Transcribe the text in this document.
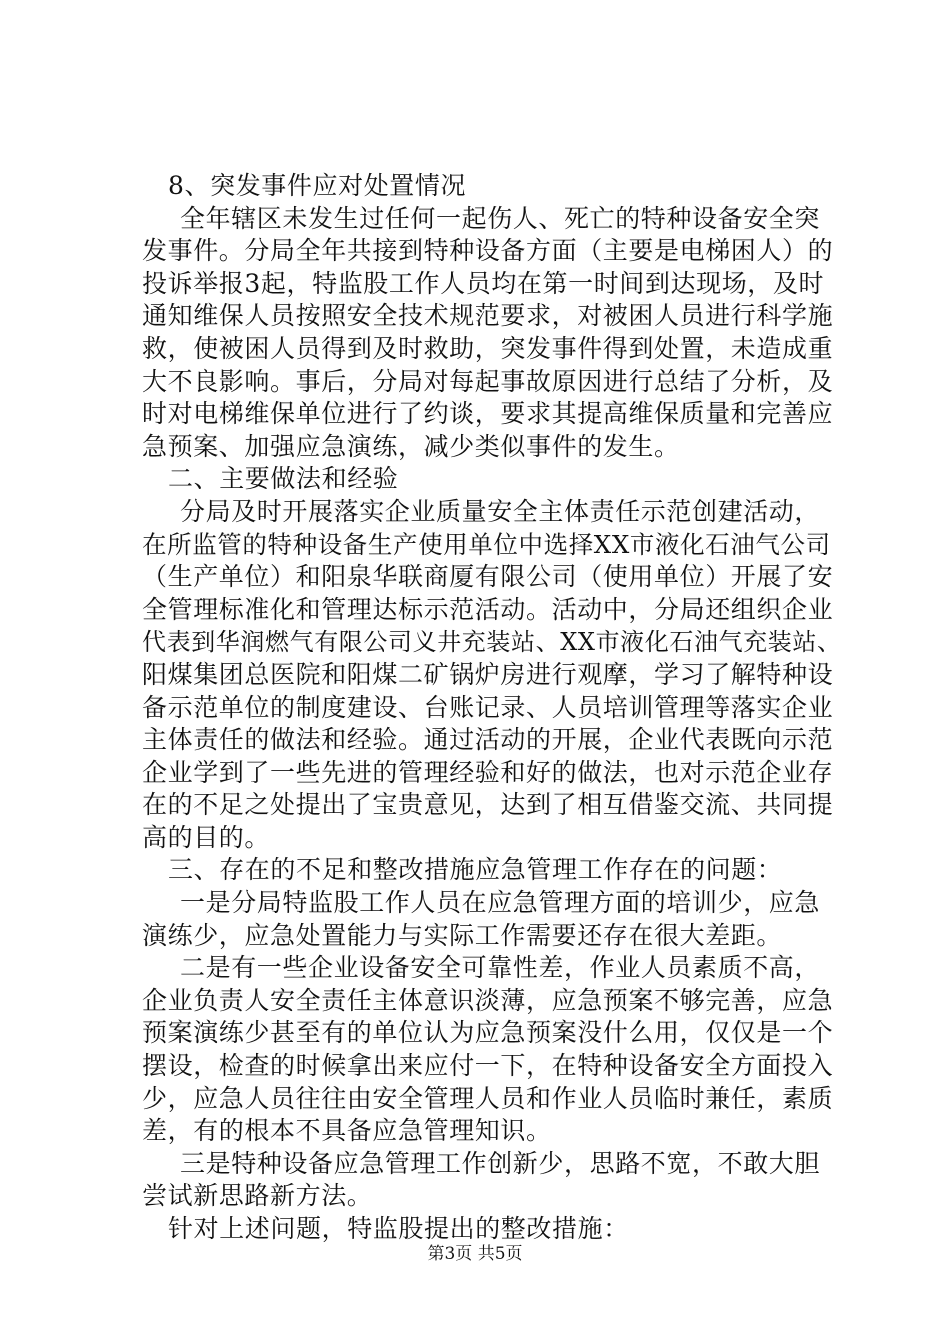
8、突发事件应对处置情况
全年辖区未发生过任何一起伤人、死亡的特种设备安全突
发事件。分局全年共接到特种设备方面（主要是电梯困人）的
投诉举报3起，特监股工作人员均在第一时间到达现场，及时
通知维保人员按照安全技术规范要求，对被困人员进行科学施
救，使被困人员得到及时救助，突发事件得到处置，未造成重
大不良影响。事后，分局对每起事故原因进行总结了分析，及
时对电梯维保单位进行了约谈，要求其提高维保质量和完善应
急预案、加强应急演练，减少类似事件的发生。
二、主要做法和经验
分局及时开展落实企业质量安全主体责任示范创建活动，
在所监管的特种设备生产使用单位中选择XX市液化石油气公司
（生产单位）和阳泉华联商厦有限公司（使用单位）开展了安
全管理标准化和管理达标示范活动。活动中，分局还组织企业
代表到华润燃气有限公司义井充装站、XX市液化石油气充装站、
阳煤集团总医院和阳煤二矿锅炉房进行观摩，学习了解特种设
备示范单位的制度建设、台账记录、人员培训管理等落实企业
主体责任的做法和经验。通过活动的开展，企业代表既向示范
企业学到了一些先进的管理经验和好的做法，也对示范企业存
在的不足之处提出了宝贵意见，达到了相互借鉴交流、共同提
高的目的。
三、存在的不足和整改措施应急管理工作存在的问题：
一是分局特监股工作人员在应急管理方面的培训少，应急
演练少，应急处置能力与实际工作需要还存在很大差距。
二是有一些企业设备安全可靠性差，作业人员素质不高，
企业负责人安全责任主体意识淡薄，应急预案不够完善，应急
预案演练少甚至有的单位认为应急预案没什么用，仅仅是一个
摆设，检查的时候拿出来应付一下，在特种设备安全方面投入
少，应急人员往往由安全管理人员和作业人员临时兼任，素质
差，有的根本不具备应急管理知识。
三是特种设备应急管理工作创新少，思路不宽，不敢大胆
尝试新思路新方法。
针对上述问题，特监股提出的整改措施：
第3页 共5页
